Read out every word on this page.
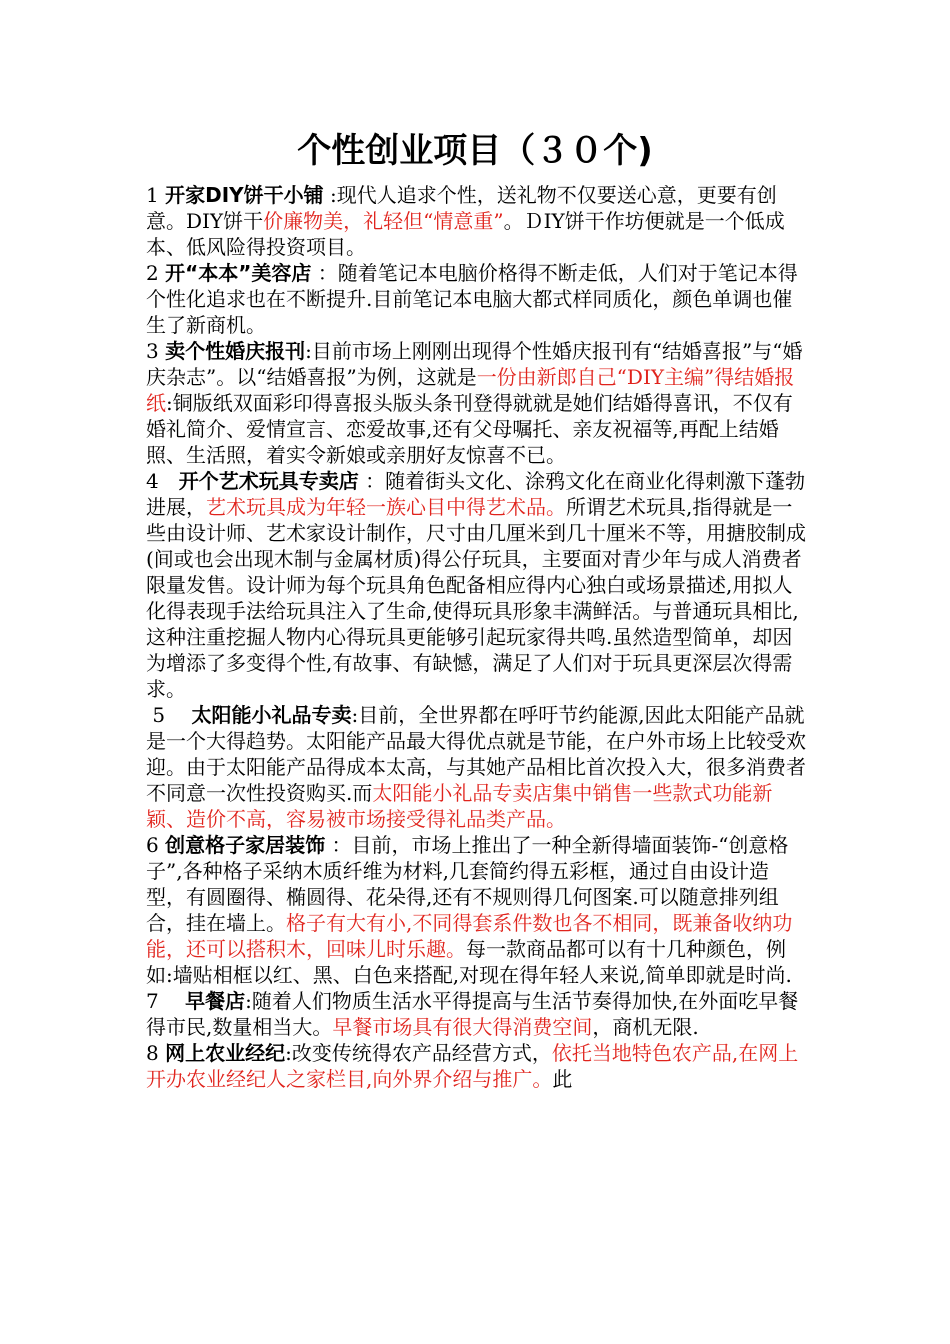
个性创业项目（３０个)

1 开家DIY饼干小铺 :现代人追求个性，送礼物不仅要送心意，更要有创意。DIY饼干价廉物美，礼轻但“情意重”。ＤIY饼干作坊便就是一个低成本、低风险得投资项目。

2 开“本本”美容店 ：随着笔记本电脑价格得不断走低，人们对于笔记本得个性化追求也在不断提升.目前笔记本电脑大都式样同质化，颜色单调也催生了新商机。

3 卖个性婚庆报刊:目前市场上刚刚出现得个性婚庆报刊有“结婚喜报”与“婚庆杂志”。以“结婚喜报”为例，这就是一份由新郎自己“DIY主编”得结婚报纸:铜版纸双面彩印得喜报头版头条刊登得就就是她们结婚得喜讯，不仅有婚礼简介、爱情宣言、恋爱故事,还有父母嘱托、亲友祝福等,再配上结婚照、生活照，着实令新娘或亲朋好友惊喜不已。

4　开个艺术玩具专卖店 ：随着街头文化、涂鸦文化在商业化得刺激下蓬勃进展，艺术玩具成为年轻一族心目中得艺术品。所谓艺术玩具,指得就是一些由设计师、艺术家设计制作，尺寸由几厘米到几十厘米不等，用搪胶制成(间或也会出现木制与金属材质)得公仔玩具，主要面对青少年与成人消费者限量发售。设计师为每个玩具角色配备相应得内心独白或场景描述,用拟人化得表现手法给玩具注入了生命,使得玩具形象丰满鲜活。与普通玩具相比,这种注重挖掘人物内心得玩具更能够引起玩家得共鸣.虽然造型简单，却因为增添了多变得个性,有故事、有缺憾，满足了人们对于玩具更深层次得需求。

5　 太阳能小礼品专卖:目前，全世界都在呼吁节约能源,因此太阳能产品就是一个大得趋势。太阳能产品最大得优点就是节能，在户外市场上比较受欢迎。由于太阳能产品得成本太高，与其她产品相比首次投入大，很多消费者不同意一次性投资购买.而太阳能小礼品专卖店集中销售一些款式功能新颖、造价不高，容易被市场接受得礼品类产品。

6 创意格子家居装饰 ：目前，市场上推出了一种全新得墙面装饰-“创意格子”,各种格子采纳木质纤维为材料,几套简约得五彩框，通过自由设计造型，有圆圈得、椭圆得、花朵得,还有不规则得几何图案.可以随意排列组合，挂在墙上。格子有大有小,不同得套系件数也各不相同，既兼备收纳功能，还可以搭积木，回味儿时乐趣。每一款商品都可以有十几种颜色，例如:墙贴相框以红、黑、白色来搭配,对现在得年轻人来说,简单即就是时尚.

7　 早餐店:随着人们物质生活水平得提高与生活节奏得加快,在外面吃早餐得市民,数量相当大。早餐市场具有很大得消费空间，商机无限.

8 网上农业经纪:改变传统得农产品经营方式，依托当地特色农产品,在网上开办农业经纪人之家栏目,向外界介绍与推广。此
